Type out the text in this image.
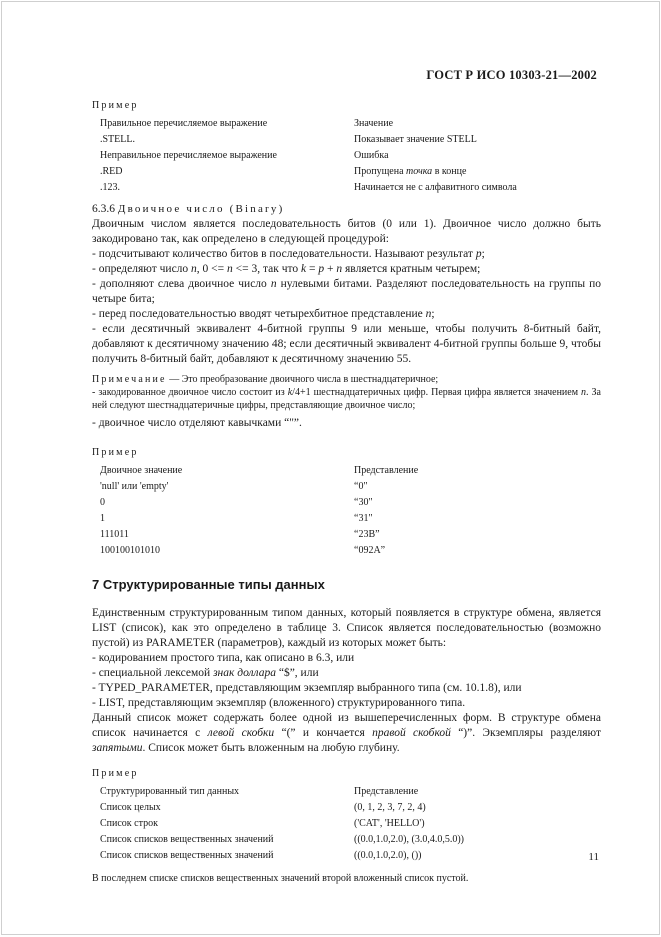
ГОСТ Р ИСО 10303-21—2002
Пример
Правильное перечисляемое выражение	Значение
.STELL.	Показывает значение STELL
Неправильное перечисляемое выражение	Ошибка
.RED	Пропущена точка в конце
.123.	Начинается не с алфавитного символа
6.3.6 Двоичное число (Binary)

Двоичным числом является последовательность битов (0 или 1). Двоичное число должно быть закодировано так, как определено в следующей процедурой:

- подсчитывают количество битов в последовательности. Называют результат p;

- определяют число n, 0 <= n <= 3, так что k = p + n является кратным четырем;

- дополняют слева двоичное число n нулевыми битами. Разделяют последовательность на группы по четыре бита;

- перед последовательностью вводят четырехбитное представление n;

- если десятичный эквивалент 4-битной группы 9 или меньше, чтобы получить 8-битный байт, добавляют к десятичному значению 48; если десятичный эквивалент 4-битной группы больше 9, чтобы получить 8-битный байт, добавляют к десятичному значению 55.

Примечание — Это преобразование двоичного числа в шестнадцатеричное;
- закодированное двоичное число состоит из k/4+1 шестнадцатеричных цифр. Первая цифра является значением n. За ней следуют шестнадцатеричные цифры, представляющие двоичное число;

- двоичное число отделяют кавычками “"”.

Пример
Двоичное значение	Представление
'null' или 'empty'	“0"
0	“30"
1	“31"
111011	“23B”
100100101010	“092A”
7 Структурированные типы данных

Единственным структурированным типом данных, который появляется в структуре обмена, является LIST (список), как это определено в таблице 3. Список является последовательностью (возможно пустой) из PARAMETER (параметров), каждый из которых может быть:

- кодированием простого типа, как описано в 6.3, или

- специальной лексемой знак доллара “$”, или

- TYPED_PARAMETER, представляющим экземпляр выбранного типа (см. 10.1.8), или

- LIST, представляющим экземпляр (вложенного) структурированного типа.

Данный список может содержать более одной из вышеперечисленных форм. В структуре обмена список начинается с левой скобки “(” и кончается правой скобкой “)”. Экземпляры разделяют запятыми. Список может быть вложенным на любую глубину.

Пример
Структурированный тип данных	Представление
Список целых	(0, 1, 2, 3, 7, 2, 4)
Список строк	('CAT', 'HELLO')
Список списков вещественных значений	((0.0,1.0,2.0), (3.0,4.0,5.0))
Список списков вещественных значений	((0.0,1.0,2.0), ())
В последнем списке списков вещественных значений второй вложенный список пустой.
11
